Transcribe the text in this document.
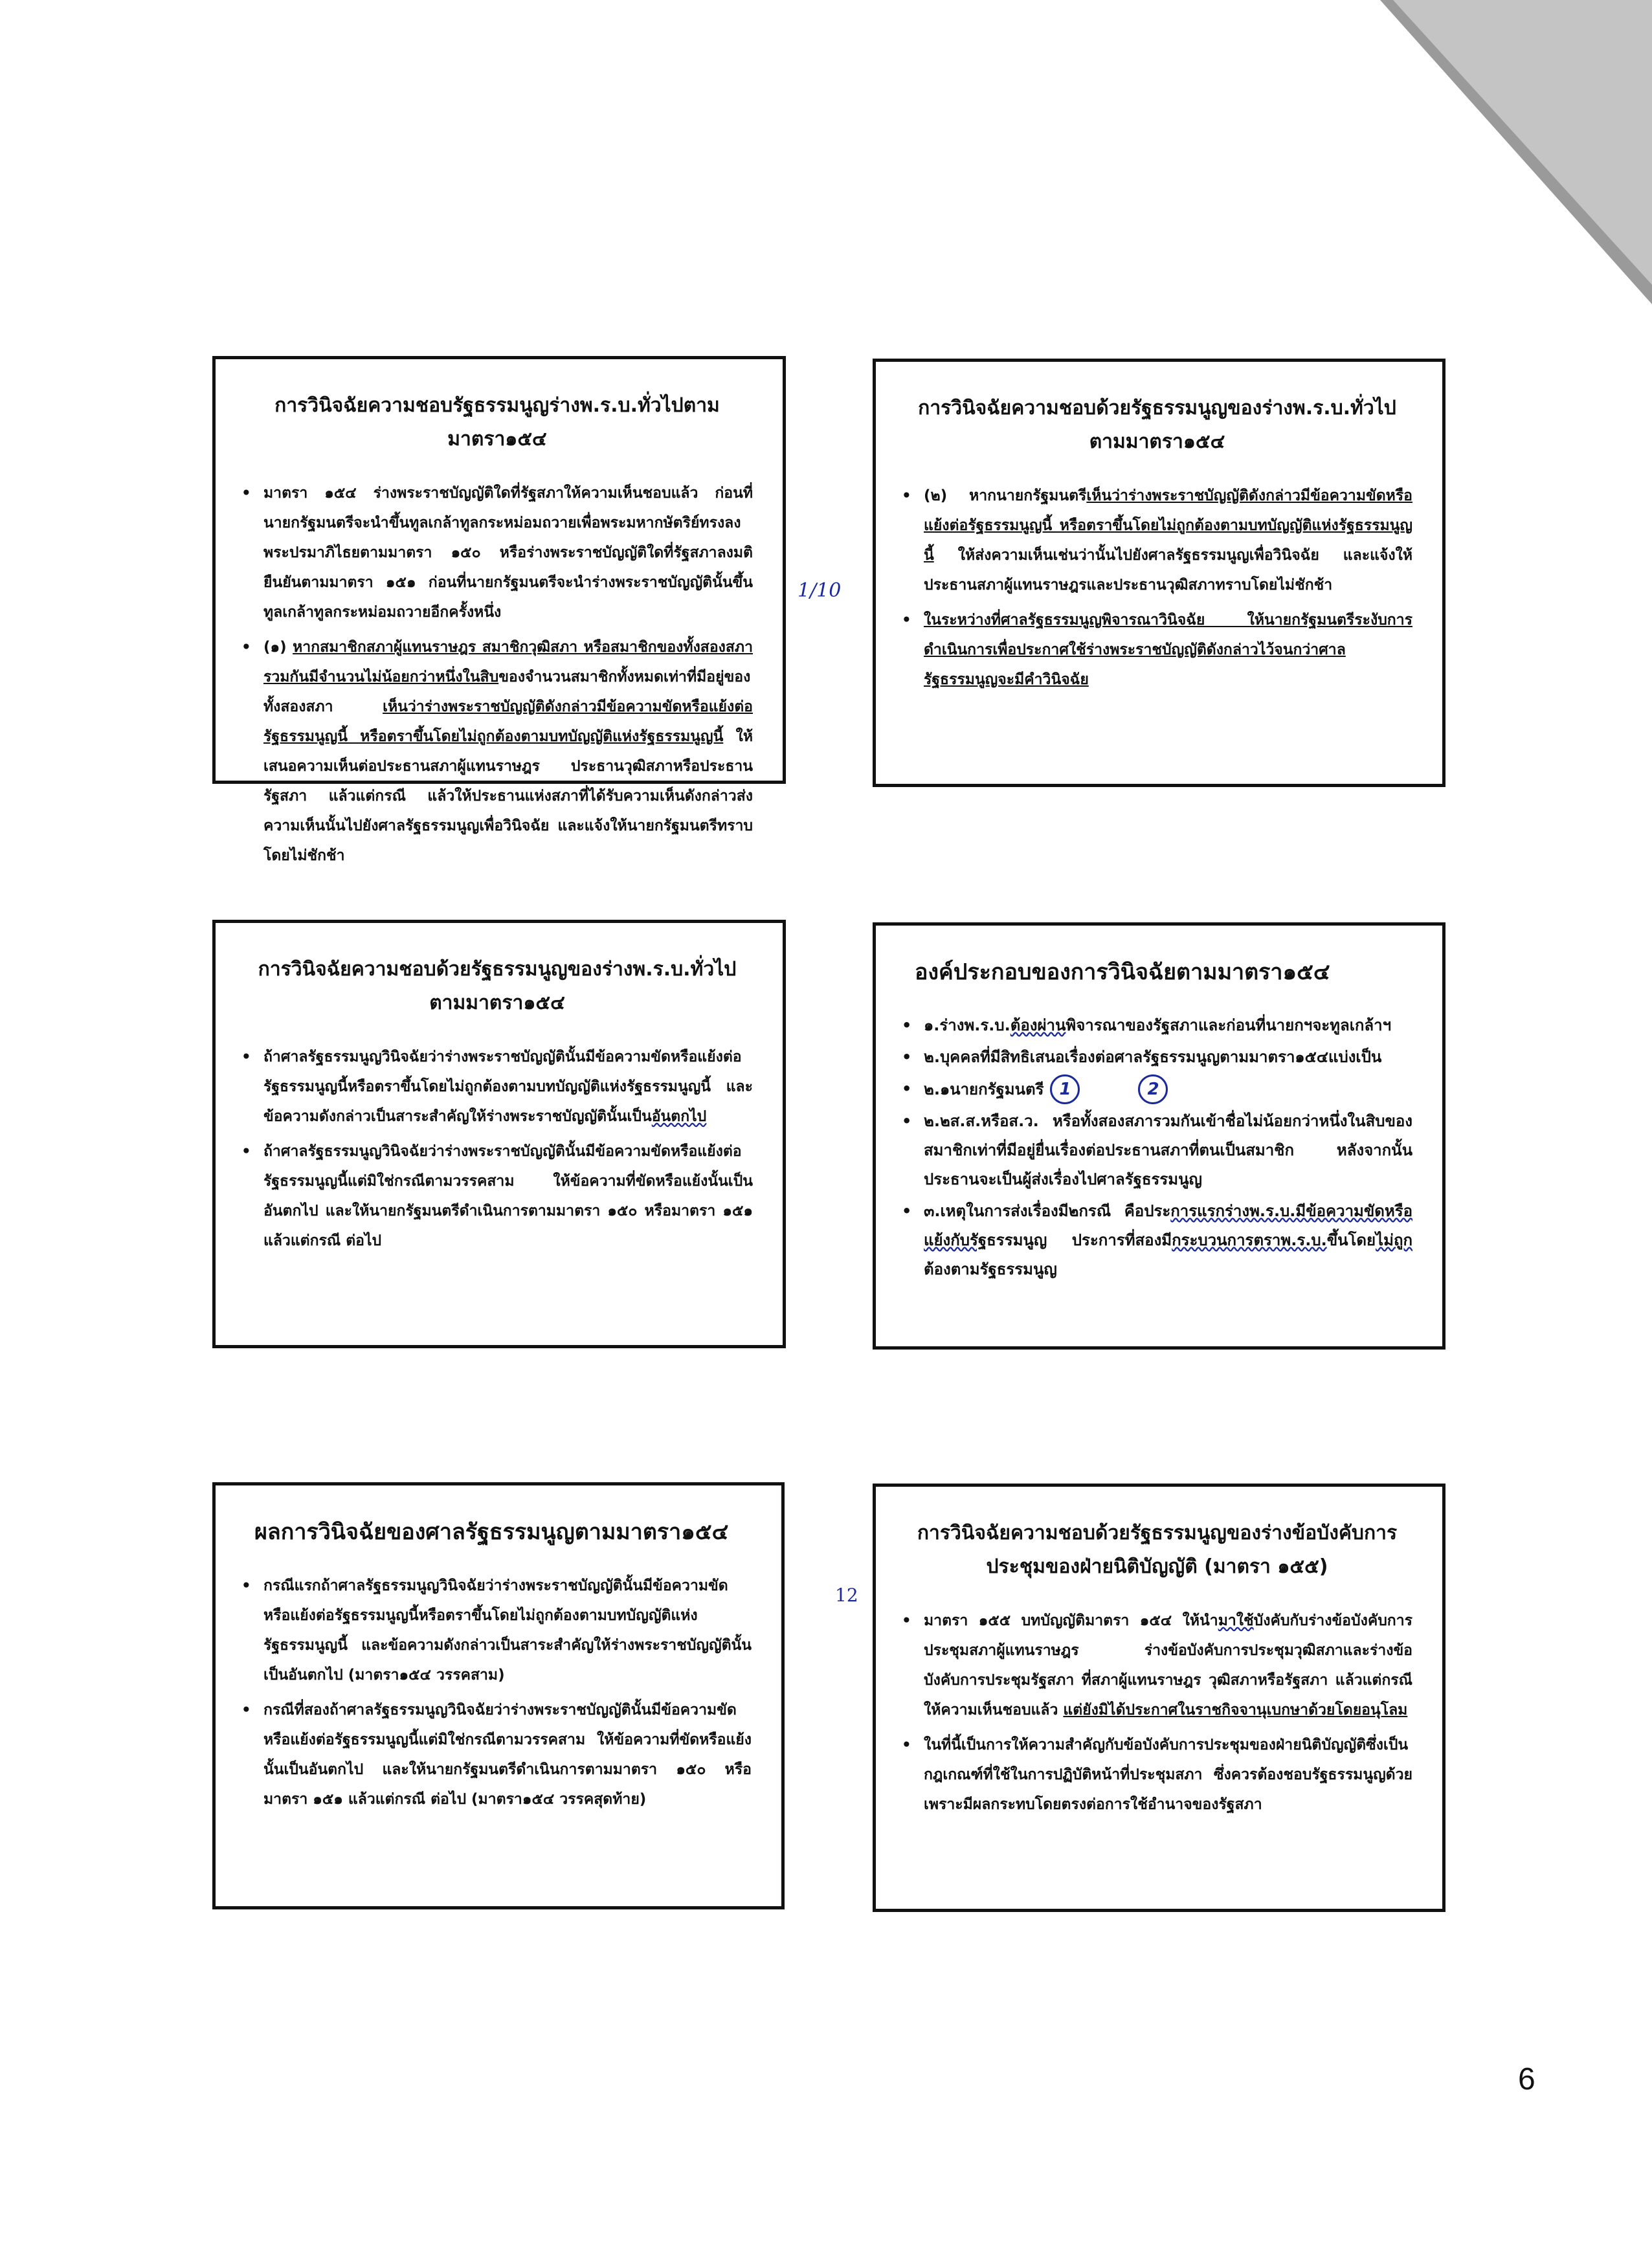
การวินิจฉัยความชอบรัฐธรรมนูญร่างพ.ร.บ.ทั่วไปตามมาตรา๑๕๔
• มาตรา ๑๕๔ ร่างพระราชบัญญัติใดที่รัฐสภาให้ความเห็นชอบแล้ว ก่อนที่นายกรัฐมนตรีจะนำขึ้นทูลเกล้าทูลกระหม่อมถวายเพื่อพระมหากษัตริย์ทรงลงพระปรมาภิไธยตามมาตรา ๑๕๐ หรือร่างพระราชบัญญัติใดที่รัฐสภาลงมติยืนยันตามมาตรา ๑๕๑ ก่อนที่นายกรัฐมนตรีจะนำร่างพระราชบัญญัตินั้นขึ้นทูลเกล้าทูลกระหม่อมถวายอีกครั้งหนึ่ง
• (๑) หากสมาชิกสภาผู้แทนราษฎร สมาชิกวุฒิสภา หรือสมาชิกของทั้งสองสภารวมกันมีจำนวนไม่น้อยกว่าหนึ่งในสิบของจำนวนสมาชิกทั้งหมดเท่าที่มีอยู่ของทั้งสองสภา เห็นว่าร่างพระราชบัญญัติดังกล่าวมีข้อความขัดหรือแย้งต่อรัฐธรรมนูญนี้ หรือตราขึ้นโดยไม่ถูกต้องตามบทบัญญัติแห่งรัฐธรรมนูญนี้ ให้เสนอความเห็นต่อประธานสภาผู้แทนราษฎร ประธานวุฒิสภาหรือประธานรัฐสภา แล้วแต่กรณี แล้วให้ประธานแห่งสภาที่ได้รับความเห็นดังกล่าวส่งความเห็นนั้นไปยังศาลรัฐธรรมนูญเพื่อวินิจฉัย และแจ้งให้นายกรัฐมนตรีทราบโดยไม่ชักช้า
การวินิจฉัยความชอบด้วยรัฐธรรมนูญของร่างพ.ร.บ.ทั่วไปตามมาตรา๑๕๔
• (๒) หากนายกรัฐมนตรีเห็นว่าร่างพระราชบัญญัติดังกล่าวมีข้อความขัดหรือแย้งต่อรัฐธรรมนูญนี้ หรือตราขึ้นโดยไม่ถูกต้องตามบทบัญญัติแห่งรัฐธรรมนูญนี้ ให้ส่งความเห็นเช่นว่านั้นไปยังศาลรัฐธรรมนูญเพื่อวินิจฉัย และแจ้งให้ประธานสภาผู้แทนราษฎรและประธานวุฒิสภาทราบโดยไม่ชักช้า
• ในระหว่างที่ศาลรัฐธรรมนูญพิจารณาวินิจฉัย ให้นายกรัฐมนตรีระงับการดำเนินการเพื่อประกาศใช้ร่างพระราชบัญญัติดังกล่าวไว้จนกว่าศาลรัฐธรรมนูญจะมีคำวินิจฉัย
การวินิจฉัยความชอบด้วยรัฐธรรมนูญของร่างพ.ร.บ.ทั่วไปตามมาตรา๑๕๔
• ถ้าศาลรัฐธรรมนูญวินิจฉัยว่าร่างพระราชบัญญัตินั้นมีข้อความขัดหรือแย้งต่อรัฐธรรมนูญนี้หรือตราขึ้นโดยไม่ถูกต้องตามบทบัญญัติแห่งรัฐธรรมนูญนี้ และข้อความดังกล่าวเป็นสาระสำคัญให้ร่างพระราชบัญญัตินั้นเป็นอันตกไป
• ถ้าศาลรัฐธรรมนูญวินิจฉัยว่าร่างพระราชบัญญัตินั้นมีข้อความขัดหรือแย้งต่อรัฐธรรมนูญนี้แต่มิใช่กรณีตามวรรคสาม ให้ข้อความที่ขัดหรือแย้งนั้นเป็นอันตกไป และให้นายกรัฐมนตรีดำเนินการตามมาตรา ๑๕๐ หรือมาตรา ๑๕๑ แล้วแต่กรณี ต่อไป
องค์ประกอบของการวินิจฉัยตามมาตรา๑๕๔
• ๑.ร่างพ.ร.บ.ต้องผ่านพิจารณาของรัฐสภาและก่อนที่นายกฯจะทูลเกล้าฯ
• ๒.บุคคลที่มีสิทธิเสนอเรื่องต่อศาลรัฐธรรมนูญตามมาตรา๑๕๔แบ่งเป็น
• ๒.๑นายกรัฐมนตรี 1	2
• ๒.๒ส.ส.หรือส.ว. หรือทั้งสองสภารวมกันเข้าชื่อไม่น้อยกว่าหนึ่งในสิบของสมาชิกเท่าที่มีอยู่ยื่นเรื่องต่อประธานสภาที่ตนเป็นสมาชิก หลังจากนั้นประธานจะเป็นผู้ส่งเรื่องไปศาลรัฐธรรมนูญ
• ๓.เหตุในการส่งเรื่องมี๒กรณี คือประการแรกร่างพ.ร.บ.มีข้อความขัดหรือแย้งกับรัฐธรรมนูญ ประการที่สองมีกระบวนการตราพ.ร.บ.ขึ้นโดยไม่ถูกต้องตามรัฐธรรมนูญ
ผลการวินิจฉัยของศาลรัฐธรรมนูญตามมาตรา๑๕๔
• กรณีแรกถ้าศาลรัฐธรรมนูญวินิจฉัยว่าร่างพระราชบัญญัตินั้นมีข้อความขัดหรือแย้งต่อรัฐธรรมนูญนี้หรือตราขึ้นโดยไม่ถูกต้องตามบทบัญญัติแห่งรัฐธรรมนูญนี้ และข้อความดังกล่าวเป็นสาระสำคัญให้ร่างพระราชบัญญัตินั้นเป็นอันตกไป (มาตรา๑๕๔ วรรคสาม)
• กรณีที่สองถ้าศาลรัฐธรรมนูญวินิจฉัยว่าร่างพระราชบัญญัตินั้นมีข้อความขัดหรือแย้งต่อรัฐธรรมนูญนี้แต่มิใช่กรณีตามวรรคสาม ให้ข้อความที่ขัดหรือแย้งนั้นเป็นอันตกไป และให้นายกรัฐมนตรีดำเนินการตามมาตรา ๑๕๐ หรือมาตรา ๑๕๑ แล้วแต่กรณี ต่อไป (มาตรา๑๕๔ วรรคสุดท้าย)
การวินิจฉัยความชอบด้วยรัฐธรรมนูญของร่างข้อบังคับการประชุมของฝ่ายนิติบัญญัติ (มาตรา ๑๕๕)
• มาตรา ๑๕๕ บทบัญญัติมาตรา ๑๕๔ ให้นำมาใช้บังคับกับร่างข้อบังคับการประชุมสภาผู้แทนราษฎร ร่างข้อบังคับการประชุมวุฒิสภาและร่างข้อบังคับการประชุมรัฐสภา ที่สภาผู้แทนราษฎร วุฒิสภาหรือรัฐสภา แล้วแต่กรณี ให้ความเห็นชอบแล้ว แต่ยังมิได้ประกาศในราชกิจจานุเบกษาด้วยโดยอนุโลม
• ในที่นี้เป็นการให้ความสำคัญกับข้อบังคับการประชุมของฝ่ายนิติบัญญัติซึ่งเป็นกฎเกณฑ์ที่ใช้ในการปฏิบัติหน้าที่ประชุมสภา ซึ่งควรต้องชอบรัฐธรรมนูญด้วยเพราะมีผลกระทบโดยตรงต่อการใช้อำนาจของรัฐสภา
1/10
12
6
